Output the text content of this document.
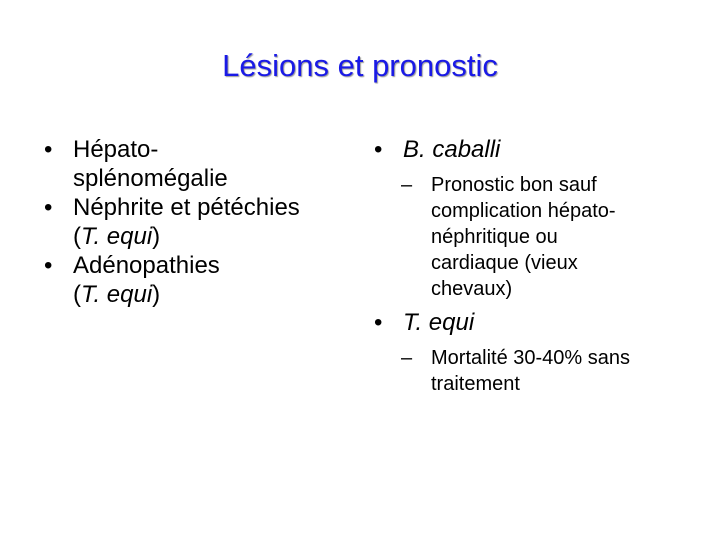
Lésions et pronostic
• Hépato-
splénomégalie
• Néphrite et pétéchies
(T. equi)
• Adénopathies
(T. equi)
• B. caballi
– Pronostic bon sauf
complication hépato-
néphritique ou
cardiaque (vieux
chevaux)
• T. equi
– Mortalité 30-40% sans
traitement
